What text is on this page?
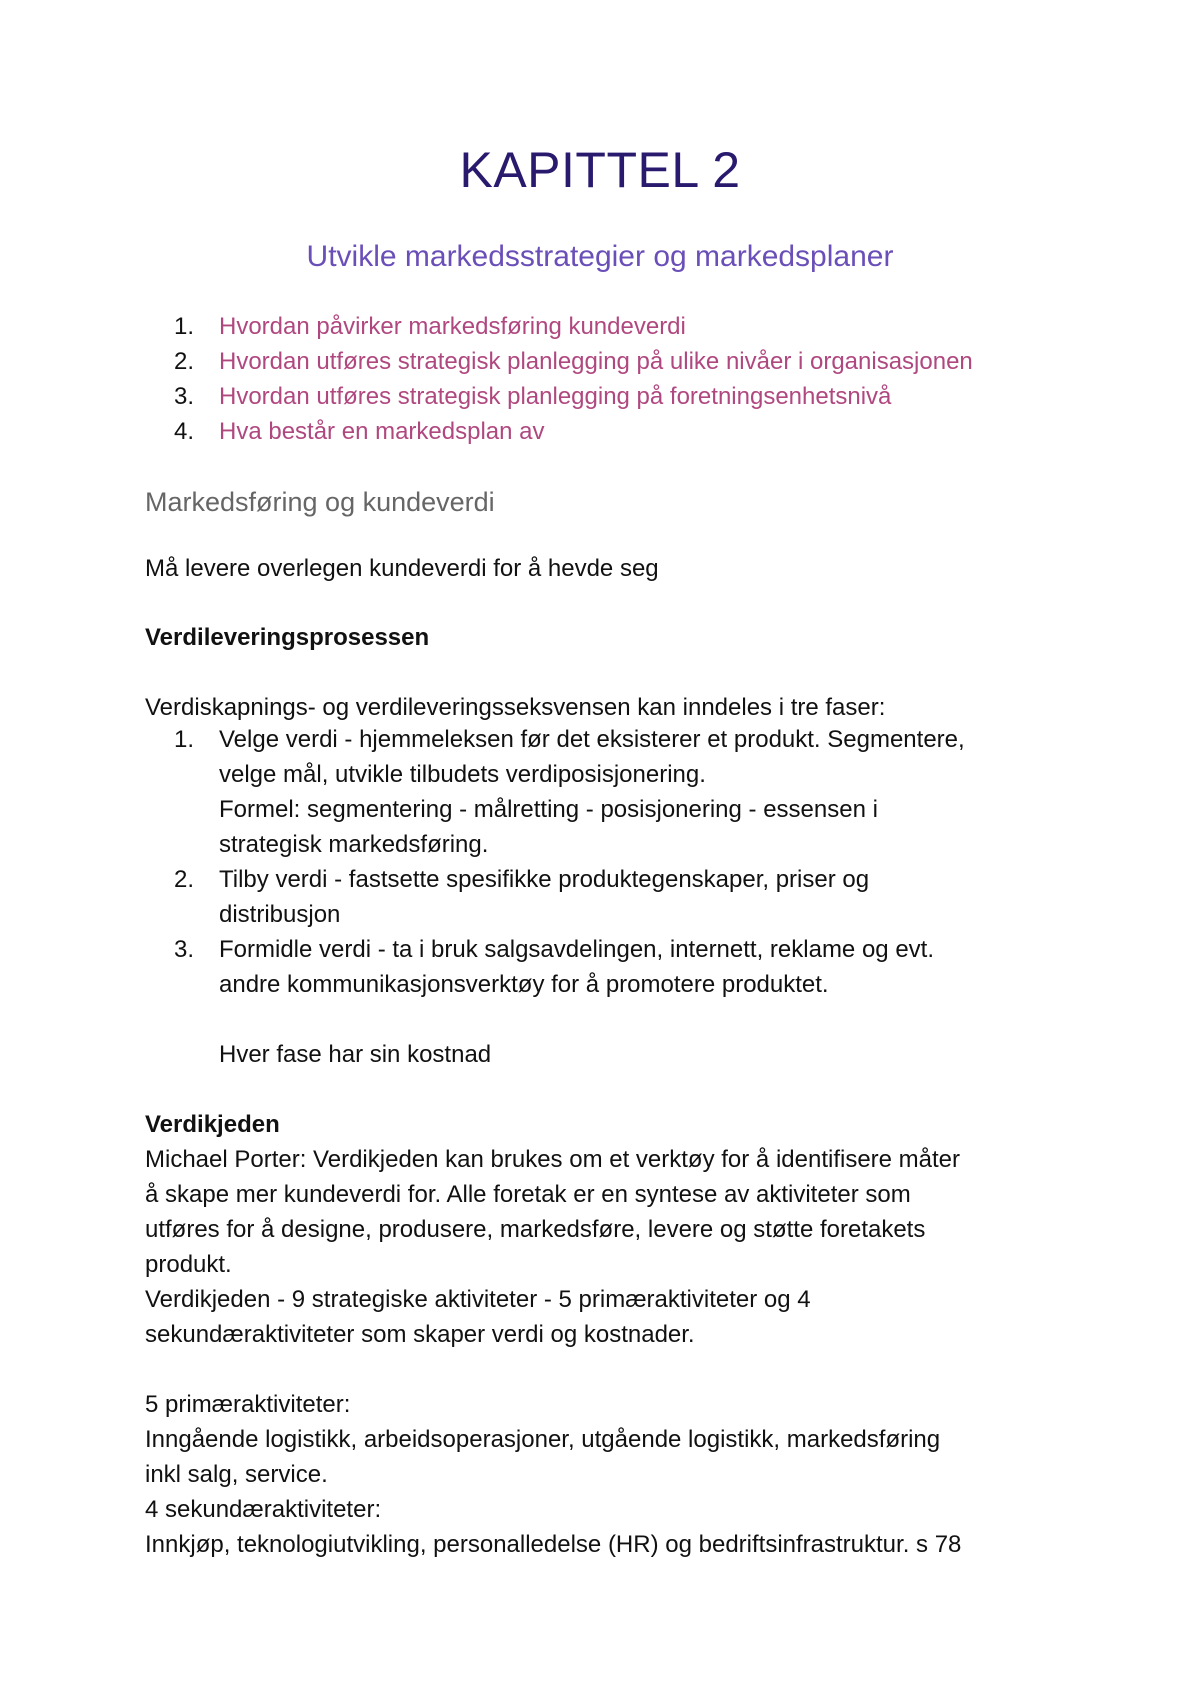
KAPITTEL 2
Utvikle markedsstrategier og markedsplaner
1. Hvordan påvirker markedsføring kundeverdi
2. Hvordan utføres strategisk planlegging på ulike nivåer i organisasjonen
3. Hvordan utføres strategisk planlegging på foretningsenhetsnivå
4. Hva består en markedsplan av
Markedsføring og kundeverdi
Må levere overlegen kundeverdi for å hevde seg
Verdileveringsprosessen
Verdiskapnings- og verdileveringsseksvensen kan inndeles i tre faser:
1. Velge verdi - hjemmeleksen før det eksisterer et produkt. Segmentere,
velge mål, utvikle tilbudets verdiposisjonering.
Formel: segmentering - målretting - posisjonering - essensen i
strategisk markedsføring.
2. Tilby verdi - fastsette spesifikke produktegenskaper, priser og
distribusjon
3. Formidle verdi - ta i bruk salgsavdelingen, internett, reklame og evt.
andre kommunikasjonsverktøy for å promotere produktet.
Hver fase har sin kostnad
Verdikjeden
Michael Porter: Verdikjeden kan brukes om et verktøy for å identifisere måter
å skape mer kundeverdi for. Alle foretak er en syntese av aktiviteter som
utføres for å designe, produsere, markedsføre, levere og støtte foretakets
produkt.
Verdikjeden - 9 strategiske aktiviteter - 5 primæraktiviteter og 4
sekundæraktiviteter som skaper verdi og kostnader.
5 primæraktiviteter:
Inngående logistikk, arbeidsoperasjoner, utgående logistikk, markedsføring
inkl salg, service.
4 sekundæraktiviteter:
Innkjøp, teknologiutvikling, personalledelse (HR) og bedriftsinfrastruktur. s 78
